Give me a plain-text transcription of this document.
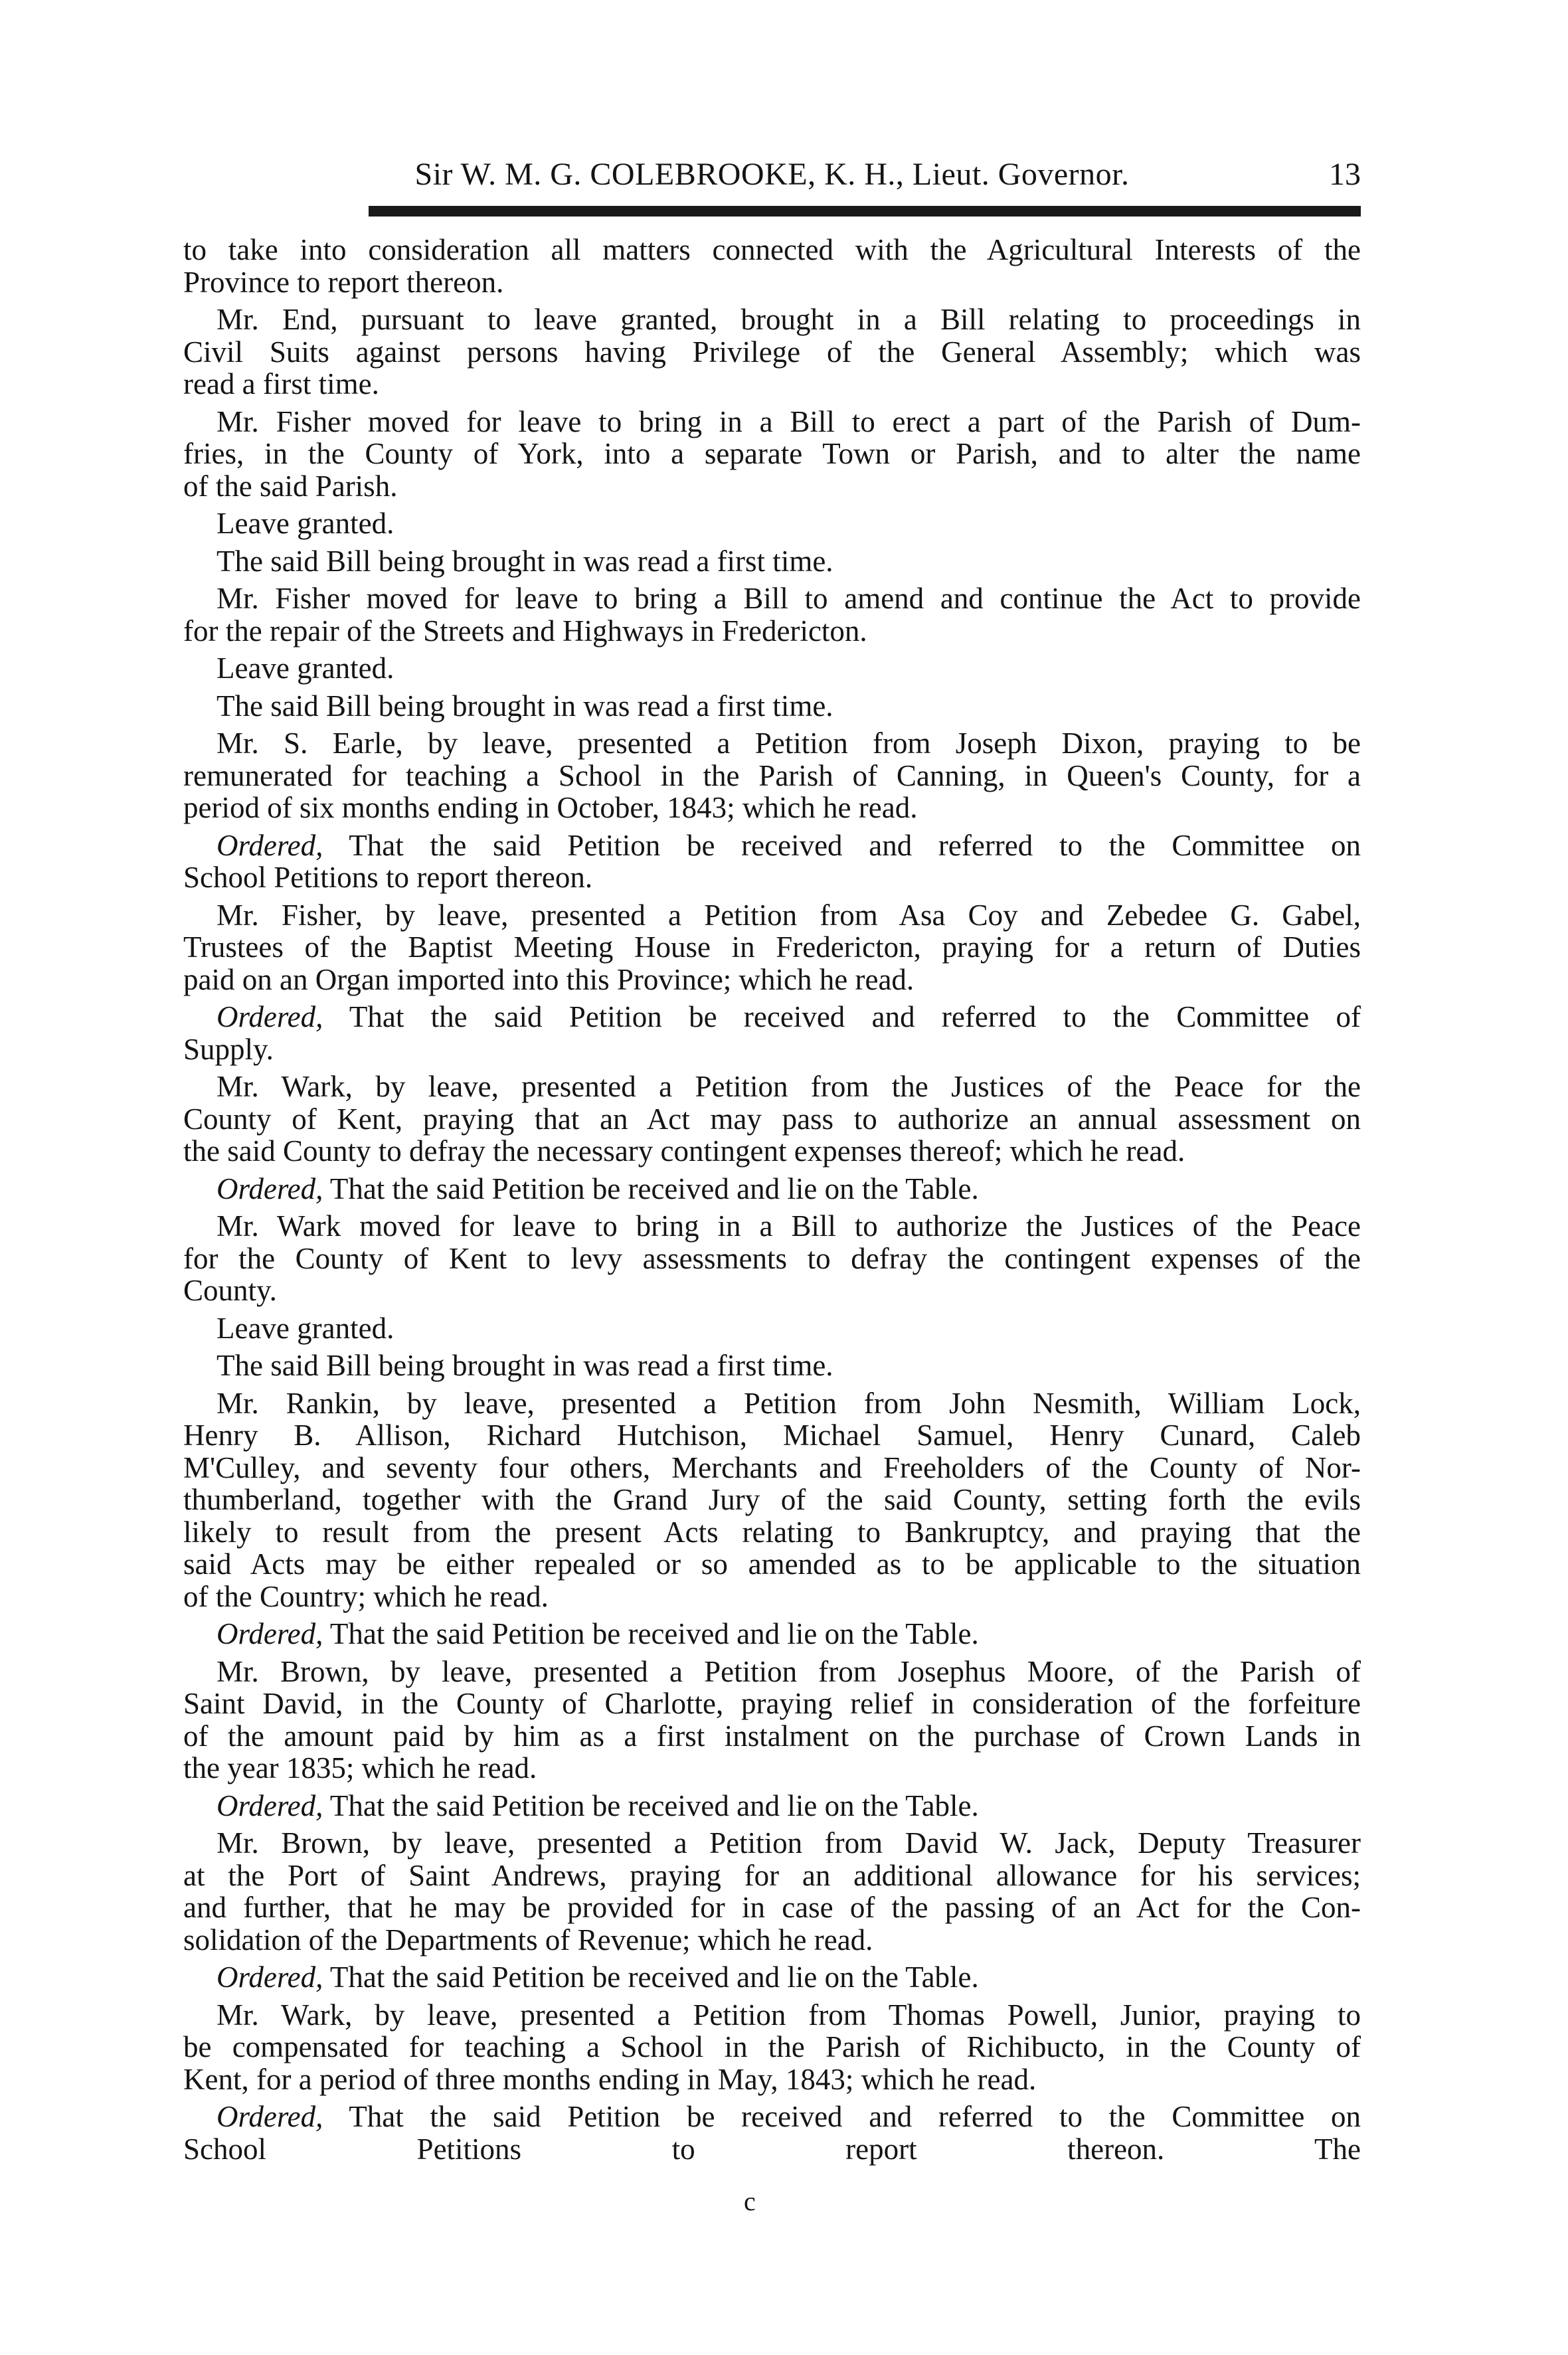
Sir W. M. G. COLEBROOKE, K. H., Lieut. Governor.	13
to take into consideration all matters connected with the Agricultural Interests of the
Province to report thereon.
Mr. End, pursuant to leave granted, brought in a Bill relating to proceedings in
Civil Suits against persons having Privilege of the General Assembly; which was
read a first time.
Mr. Fisher moved for leave to bring in a Bill to erect a part of the Parish of Dum-
fries, in the County of York, into a separate Town or Parish, and to alter the name
of the said Parish.
Leave granted.
The said Bill being brought in was read a first time.
Mr. Fisher moved for leave to bring a Bill to amend and continue the Act to provide
for the repair of the Streets and Highways in Fredericton.
Leave granted.
The said Bill being brought in was read a first time.
Mr. S. Earle, by leave, presented a Petition from Joseph Dixon, praying to be
remunerated for teaching a School in the Parish of Canning, in Queen's County, for a
period of six months ending in October, 1843; which he read.
Ordered, That the said Petition be received and referred to the Committee on
School Petitions to report thereon.
Mr. Fisher, by leave, presented a Petition from Asa Coy and Zebedee G. Gabel,
Trustees of the Baptist Meeting House in Fredericton, praying for a return of Duties
paid on an Organ imported into this Province; which he read.
Ordered, That the said Petition be received and referred to the Committee of
Supply.
Mr. Wark, by leave, presented a Petition from the Justices of the Peace for the
County of Kent, praying that an Act may pass to authorize an annual assessment on
the said County to defray the necessary contingent expenses thereof; which he read.
Ordered, That the said Petition be received and lie on the Table.
Mr. Wark moved for leave to bring in a Bill to authorize the Justices of the Peace
for the County of Kent to levy assessments to defray the contingent expenses of the
County.
Leave granted.
The said Bill being brought in was read a first time.
Mr. Rankin, by leave, presented a Petition from John Nesmith, William Lock,
Henry B. Allison, Richard Hutchison, Michael Samuel, Henry Cunard, Caleb
M'Culley, and seventy four others, Merchants and Freeholders of the County of Nor-
thumberland, together with the Grand Jury of the said County, setting forth the evils
likely to result from the present Acts relating to Bankruptcy, and praying that the
said Acts may be either repealed or so amended as to be applicable to the situation
of the Country; which he read.
Ordered, That the said Petition be received and lie on the Table.
Mr. Brown, by leave, presented a Petition from Josephus Moore, of the Parish of
Saint David, in the County of Charlotte, praying relief in consideration of the forfeiture
of the amount paid by him as a first instalment on the purchase of Crown Lands in
the year 1835; which he read.
Ordered, That the said Petition be received and lie on the Table.
Mr. Brown, by leave, presented a Petition from David W. Jack, Deputy Treasurer
at the Port of Saint Andrews, praying for an additional allowance for his services;
and further, that he may be provided for in case of the passing of an Act for the Con-
solidation of the Departments of Revenue; which he read.
Ordered, That the said Petition be received and lie on the Table.
Mr. Wark, by leave, presented a Petition from Thomas Powell, Junior, praying to
be compensated for teaching a School in the Parish of Richibucto, in the County of
Kent, for a period of three months ending in May, 1843; which he read.
Ordered, That the said Petition be received and referred to the Committee on
School Petitions to report thereon.	The
c
